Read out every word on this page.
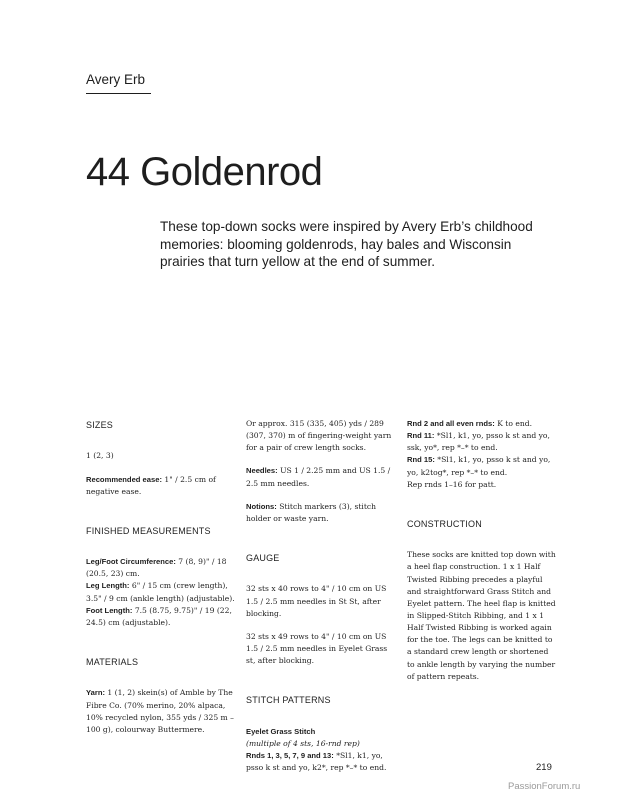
Avery Erb
44 Goldenrod
These top-down socks were inspired by Avery Erb’s childhood memories: blooming goldenrods, hay bales and Wisconsin prairies that turn yellow at the end of summer.

SIZES

1 (2, 3)

Recommended ease: 1" / 2.5 cm of negative ease.

FINISHED MEASUREMENTS

Leg/Foot Circumference: 7 (8, 9)" / 18 (20.5, 23) cm.

Leg Length: 6" / 15 cm (crew length), 3.5" / 9 cm (ankle length) (adjustable).

Foot Length: 7.5 (8.75, 9.75)" / 19 (22, 24.5) cm (adjustable).

MATERIALS

Yarn: 1 (1, 2) skein(s) of Amble by The Fibre Co. (70% merino, 20% alpaca, 10% recycled nylon, 355 yds / 325 m – 100 g), colourway Buttermere.

Or approx. 315 (335, 405) yds / 289 (307, 370) m of fingering-weight yarn for a pair of crew length socks.

Needles: US 1 / 2.25 mm and US 1.5 / 2.5 mm needles.

Notions: Stitch markers (3), stitch holder or waste yarn.

GAUGE

32 sts x 40 rows to 4" / 10 cm on US 1.5 / 2.5 mm needles in St St, after blocking.

32 sts x 49 rows to 4" / 10 cm on US 1.5 / 2.5 mm needles in Eyelet Grass st, after blocking.

STITCH PATTERNS

Eyelet Grass Stitch

(multiple of 4 sts, 16-rnd rep)

Rnds 1, 3, 5, 7, 9 and 13: *Sl1, k1, yo, psso k st and yo, k2*, rep *–* to end.

Rnd 2 and all even rnds: K to end.

Rnd 11: *Sl1, k1, yo, psso k st and yo, ssk, yo*, rep *–* to end.

Rnd 15: *Sl1, k1, yo, psso k st and yo, yo, k2tog*, rep *–* to end.

Rep rnds 1–16 for patt.

CONSTRUCTION

These socks are knitted top down with a heel flap construction. 1 x 1 Half Twisted Ribbing precedes a playful and straightforward Grass Stitch and Eyelet pattern. The heel flap is knitted in Slipped-Stitch Ribbing, and 1 x 1 Half Twisted Ribbing is worked again for the toe. The legs can be knitted to a standard crew length or shortened to ankle length by varying the number of pattern repeats.

219
PassionForum.ru
